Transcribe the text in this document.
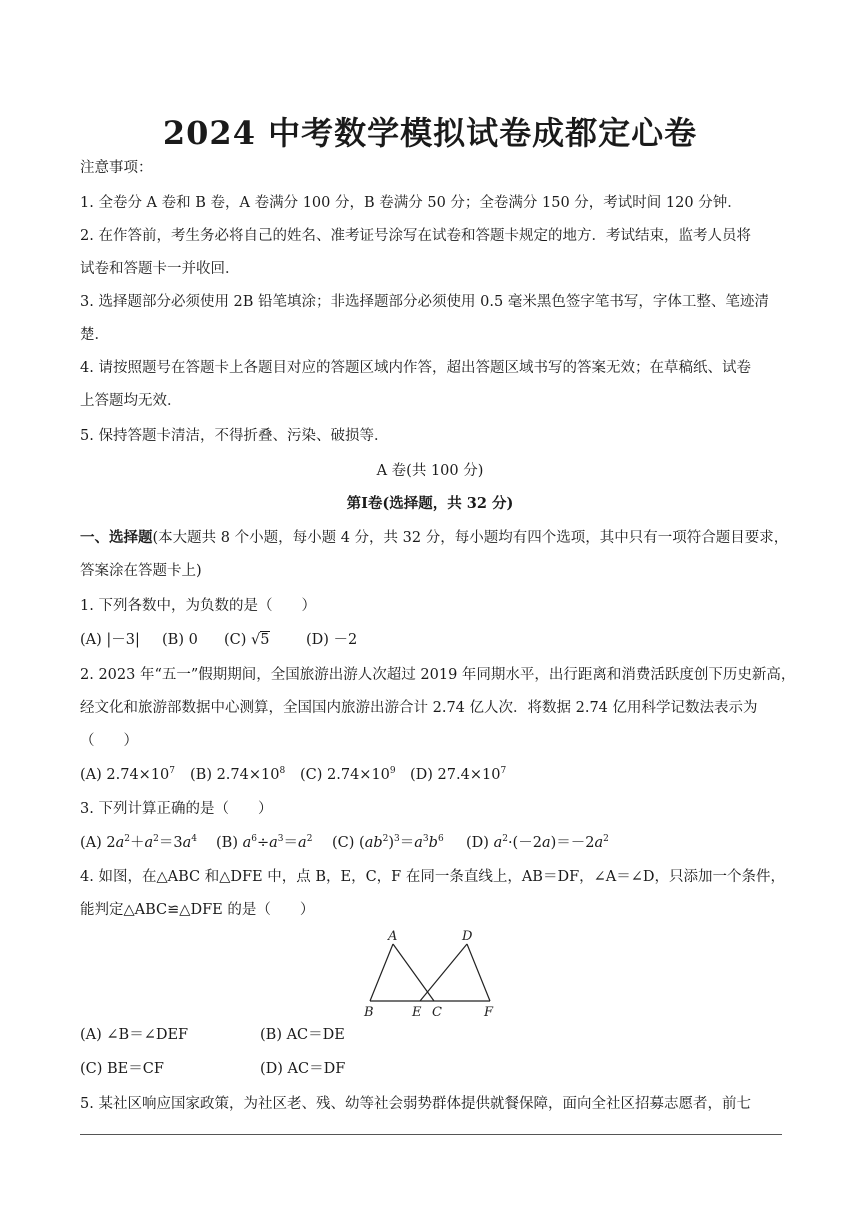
2024 中考数学模拟试卷成都定心卷
注意事项：
1. 全卷分 A 卷和 B 卷，A 卷满分 100 分，B 卷满分 50 分；全卷满分 150 分，考试时间 120 分钟．
2. 在作答前，考生务必将自己的姓名、准考证号涂写在试卷和答题卡规定的地方．考试结束，监考人员将
试卷和答题卡一并收回．
3. 选择题部分必须使用 2B 铅笔填涂；非选择题部分必须使用 0.5 毫米黑色签字笔书写，字体工整、笔迹清
楚．
4. 请按照题号在答题卡上各题目对应的答题区域内作答，超出答题区域书写的答案无效；在草稿纸、试卷
上答题均无效．
5. 保持答题卡清洁，不得折叠、污染、破损等．
A 卷(共 100 分)
第Ⅰ卷(选择题，共 32 分)
一、选择题(本大题共 8 个小题，每小题 4 分，共 32 分，每小题均有四个选项，其中只有一项符合题目要求，
答案涂在答题卡上)
1. 下列各数中，为负数的是（　　）
(A) |－3| (B) 0 (C) √5	(D) －2
2. 2023 年“五一”假期期间，全国旅游出游人次超过 2019 年同期水平，出行距离和消费活跃度创下历史新高，
经文化和旅游部数据中心测算，全国国内旅游出游合计 2.74 亿人次．将数据 2.74 亿用科学记数法表示为
（　　）
(A) $2.74\times 10^7$ (B) $2.74\times 10^8$ (C) $2.74\times 10^9$ (D) $27.4\times 10^7$
3. 下列计算正确的是（　　）
(A) $2a^2+a^2=3a^4$ (B) $a^6\div a^3=a^2$ (C) $(ab^2)^3=a^3b^6$ (D) $a^2\cdot(-2a)=-2a^2$
4. 如图，在△ABC 和△DFE 中，点 B，E，C，F 在同一条直线上，AB＝DF，∠A＝∠D，只添加一个条件，
能判定△ABC≌△DFE 的是（　　）
A	D
B	E C	F
(A) ∠B＝∠DEF	(B) AC＝DE
(C) BE＝CF	(D) AC＝DF
5. 某社区响应国家政策，为社区老、残、幼等社会弱势群体提供就餐保障，面向全社区招募志愿者，前七
